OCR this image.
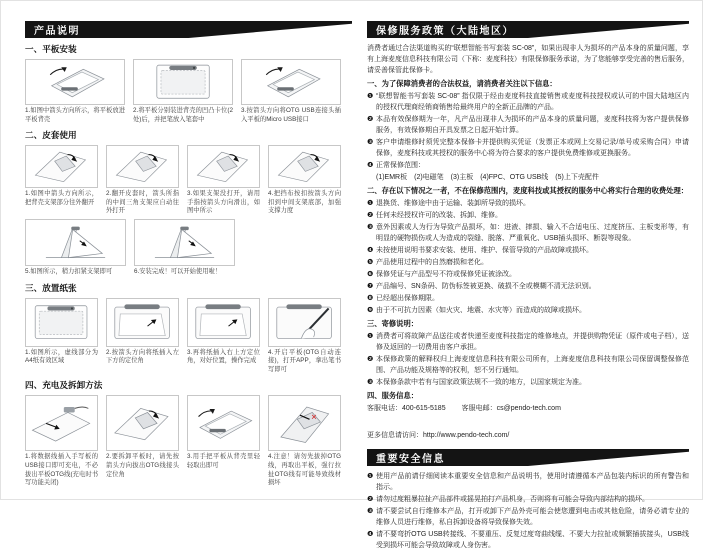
产品说明
一、平板安装
1.如图中箭头方向所示，将平板放进平板背壳
2.将平板分别装进背壳的凹凸卡位(2处)后，并把笔放入笔套中
3.按箭头方向将OTG USB连接头插入平板的Micro USB接口
二、皮套使用
1.如图中箭头方向所示，把背壳支架部分往外翻开
2.翻开皮套时，箭头所指的中间三角支架应自动往外打开
3.如果支架没打开，请用手指按箭头方向滑出，如图中所示
4.把挡布按扣按箭头方向扣到中间支架底部，加强支撑力度
5.如图所示，稍力扣紧支架即可	6.安装完成！可以开始使用啦！
三、放置纸张
1.如图所示，虚线部分为A4纸有效区域
2.按箭头方向将纸插入左下方的定位角
3.再将纸插入右上方定位角，对好位置，操作完成
4.开启平板(OTG自动连接)，打开APP，拿出笔书写即可
四、充电及拆卸方法
1.将数据线插入手写板的USB接口即可充电，不必拔出平板OTG线(充电时书写功能关闭)
2.要拆卸平板时，请先按箭头方向拔出OTG线接头定位角
3.用手把平板从背壳里轻轻取出即可
✕
4.注意！请勿先拔掉OTG线，再取出平板，强行拉扯OTG线有可能导致线材损坏
保修服务政策（大陆地区）

消费者通过合法渠道购买的“联想智能书写套装 SC-08”，如果出现非人为损坏的产品本身的质量问题，享有上海麦度信息科技有限公司（下称：麦度科技）有限保修服务承诺，为了您能够享受完善的售后服务，请妥善保管此保修卡。

一、为了保障消费者的合法权益，请消费者关注以下信息：
❶ “联想智能书写套装 SC-08” 指仅限于经由麦度科技直接销售或麦度科技授权或认可的中国大陆地区内的授权代理商经销商销售给最终用户的全新正品牌的产品。
❷ 本品有效保修期为一年，凡产品出现非人为损坏的产品本身的质量问题，麦度科技将为客户提供保修服务，有效保修期自开具发票之日起开始计算。
❸ 客户申请维修时须凭完整本保修卡并提供购买凭证（发票正本或网上交易记录/单号或采购合同）申请保修，麦度科技或其授权的服务中心将为符合要求的客户提供免费维修或更换服务。
❹ 正常保修范围：
(1)EMR板　(2)电磁笔　(3)主板　(4)FPC、OTG USB线　(5)上下壳配件
二、存在以下情况之一者，不在保修范围内，麦度科技或其授权的服务中心将实行合理的收费处理：
❶ 退换货、维修途中由于运输、装卸所导致的损坏。
❷ 任何未经授权许可的改装、拆卸、维修。
❸ 意外因素或人为行为导致产品损坏，如：进液、摔损、输入不合适电压、过度挤压、主板变形等，有明显的硬物损伤或人为造成的裂缝、脱落、严重氧化、USB插头损坏、断裂等现象。
❹ 未按使用说明书要求安装、使用、维护、保管导致的产品故障或损坏。
❺ 产品使用过程中的自然磨损和老化。
❻ 保修凭证与产品型号不符或保修凭证被涂改。
❼ 产品编号、SN条码、防伪标签被更换、破损不全或模糊不清无法识别。
❽ 已经超出保修期限。
❾ 由于不可抗力因素（如火灾、地震、水灾等）而造成的故障或损坏。
三、寄修说明：
❶ 消费者可将故障产品送往或者快递至麦度科技指定的维修地点，并提供购物凭证（原件或电子档），送修及返回的一切费用由客户承担。
❷ 本保修政策的解释权归上海麦度信息科技有限公司所有，上海麦度信息科技有限公司保留调整保修范围、产品功能及规格等的权利，恕不另行通知。
❸ 本保修条款中若有与国家政策法规不一致的地方，以国家规定为准。
四、服务信息：
客服电话：400-615-5185 客服电邮：cs@pendo-tech.com
更多信息请访问：http://www.pendo-tech.com/
重要安全信息
❶ 使用产品前请仔细阅读本重要安全信息和产品说明书，使用时请遵循本产品包装内标识的所有警告和指示。
❷ 请勿过度粗暴拉扯产品部件或摇晃拍打产品机身，否则将有可能会导致内部结构的损坏。
❸ 请不要尝试自行维修本产品，打开或卸下产品外壳可能会使您遭到电击或其他危险，请务必请专业的维修人员进行维修，私自拆卸设备将导致保修失效。
❹ 请不要弯折OTG USB转接线、不要重压、反复过度弯曲线缆、不要大力拉扯或频繁插拔接头，USB线受到损坏可能会导致故障或人身伤害。
